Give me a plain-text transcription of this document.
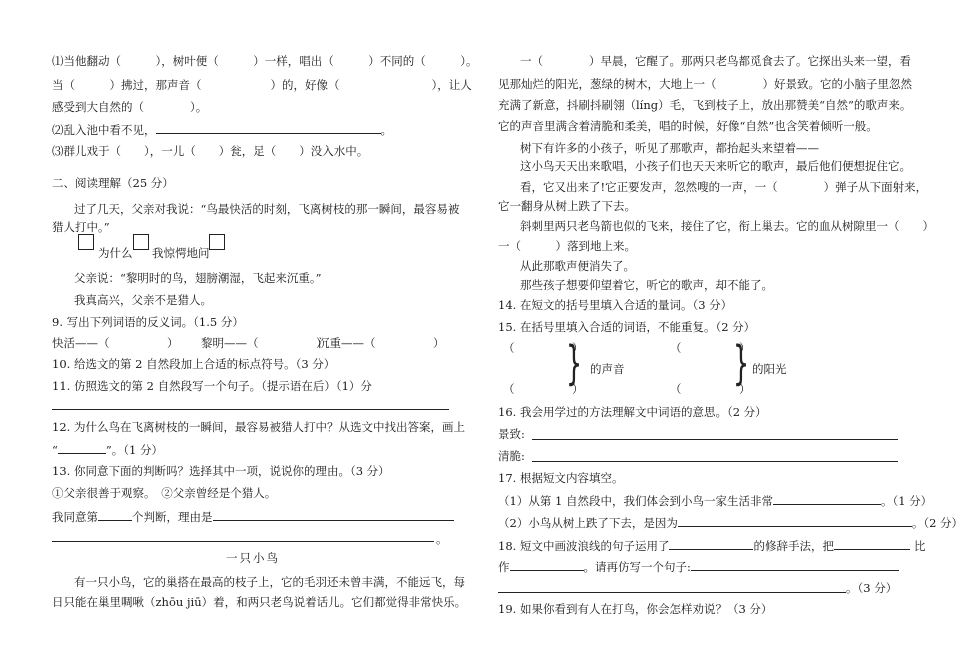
⑴当他翻动（　　　），树叶便（　　　）一样，唱出（　　　）不同的（　　　）。
当（　　　）拂过，那声音（　　　　　　）的，好像（　　　　　　　　），让人
感受到大自然的（　　　　）。
⑵乱入池中看不见，	。
⑶群儿戏于（　　），一儿（　　）瓮，足（　　）没入水中。
二、阅读理解（25 分）
过了几天，父亲对我说：“鸟最快活的时刻，飞离树枝的那一瞬间，最容易被
猎人打中。”
为什么 我惊愕地问
父亲说：“黎明时的鸟，翅膀潮湿，飞起来沉重。”
我真高兴，父亲不是猎人。
9. 写出下列词语的反义词。（1.5 分）
快活——（　　　　　） 黎明——（　　　　　）
沉重——（　　　　　）
10. 给选文的第 2 自然段加上合适的标点符号。（3 分）
11. 仿照选文的第 2 自然段写一个句子。（提示语在后）（1）分
12. 为什么鸟在飞离树枝的一瞬间，最容易被猎人打中？从选文中找出答案，画上
“	”。（1 分）
13. 你同意下面的判断吗？选择其中一项，说说你的理由。（3 分）
①父亲很善于观察。　②父亲曾经是个猎人。
我同意第	个判断，理由是
。
一只小鸟
有一只小鸟，它的巢搭在最高的枝子上，它的毛羽还未曾丰满，不能远飞，每
日只能在巢里啁啾（zhōu jiū）着，和两只老鸟说着话儿。它们都觉得非常快乐。
一（　　　　）早晨，它醒了。那两只老鸟都觅食去了。它探出头来一望，看
见那灿烂的阳光，葱绿的树木，大地上一（　　　　）好景致。它的小脑子里忽然
充满了新意，抖刷抖刷翎（líng）毛，飞到枝子上，放出那赞美“自然”的歌声来。
它的声音里满含着清脆和柔美，唱的时候，好像“自然”也含笑着倾听一般。
树下有许多的小孩子，听见了那歌声，都抬起头来望着——
这小鸟天天出来歌唱，小孩子们也天天来听它的歌声，最后他们便想捉住它。
看，它又出来了!它正要发声，忽然嗖的一声，一（　　　　）弹子从下面射来，
它一翻身从树上跌了下去。
斜刺里两只老鸟箭也似的飞来，接住了它，衔上巢去。它的血从树隙里一（　　）
一（　　　）落到地上来。
从此那歌声便消失了。
那些孩子想要仰望着它，听它的歌声，却不能了。
14. 在短文的括号里填入合适的量词。（3 分）
15. 在括号里填入合适的词语，不能重复。（2 分）
（　　　　　）
（　　　　　）
} 的声音
（　　　　　）
（　　　　　）
} 的阳光
16. 我会用学过的方法理解文中词语的意思。（2 分）
景致:
清脆:
17. 根据短文内容填空。
（1）从第 1 自然段中，我们体会到小鸟一家生活非常	。（1 分）
（2）小鸟从树上跌了下去，是因为	。（2 分）
18. 短文中画波浪线的句子运用了	的修辞手法，把	比
作	。请再仿写一个句子:
。（3 分）
19. 如果你看到有人在打鸟，你会怎样劝说？（3 分）
